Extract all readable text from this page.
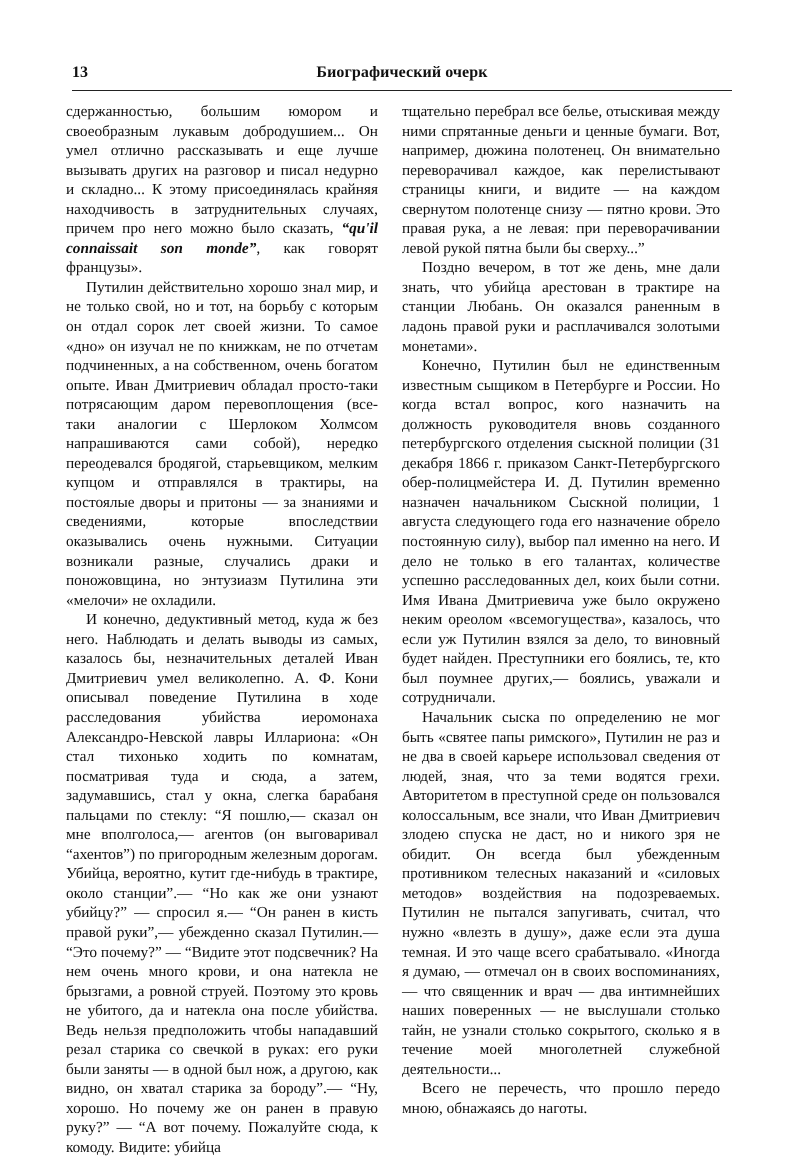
13	Биографический очерк

сдержанностью, большим юмором и своеобразным лукавым добродушием... Он умел отлично рассказывать и еще лучше вызывать других на разговор и писал недурно и складно... К этому присоединялась крайняя находчивость в затруднительных случаях, причем про него можно было сказать, “qu'il connaissait son monde”, как говорят французы».

Путилин действительно хорошо знал мир, и не только свой, но и тот, на борьбу с которым он отдал сорок лет своей жизни. То самое «дно» он изучал не по книжкам, не по отчетам подчиненных, а на собственном, очень богатом опыте. Иван Дмитриевич обладал просто-таки потрясающим даром перевоплощения (все-таки аналогии с Шерлоком Холмсом напрашиваются сами собой), нередко переодевался бродягой, старьевщиком, мелким купцом и отправлялся в трактиры, на постоялые дворы и притоны — за знаниями и сведениями, которые впоследствии оказывались очень нужными. Ситуации возникали разные, случались драки и поножовщина, но энтузиазм Путилина эти «мелочи» не охладили.

И конечно, дедуктивный метод, куда ж без него. Наблюдать и делать выводы из самых, казалось бы, незначительных деталей Иван Дмитриевич умел великолепно. А. Ф. Кони описывал поведение Путилина в ходе расследования убийства иеромонаха Александро-Невской лавры Иллариона: «Он стал тихонько ходить по комнатам, посматривая туда и сюда, а затем, задумавшись, стал у окна, слегка барабаня пальцами по стеклу: “Я пошлю,— сказал он мне вполголоса,— агентов (он выговаривал “ахентов”) по пригородным железным дорогам. Убийца, вероятно, кутит где-нибудь в трактире, около станции”.— “Но как же они узнают убийцу?” — спросил я.— “Он ранен в кисть правой руки”,— убежденно сказал Путилин.— “Это почему?” — “Видите этот подсвечник? На нем очень много крови, и она натекла не брызгами, а ровной струей. Поэтому это кровь не убитого, да и натекла она после убийства. Ведь нельзя предположить чтобы нападавший резал старика со свечкой в руках: его руки были заняты — в одной был нож, а другою, как видно, он хватал старика за бороду”.— “Ну, хорошо. Но почему же он ранен в правую руку?” — “А вот почему. Пожалуйте сюда, к комоду. Видите: убийца

тщательно перебрал все белье, отыскивая между ними спрятанные деньги и ценные бумаги. Вот, например, дюжина полотенец. Он внимательно переворачивал каждое, как перелистывают страницы книги, и видите — на каждом свернутом полотенце снизу — пятно крови. Это правая рука, а не левая: при переворачивании левой рукой пятна были бы сверху...”

Поздно вечером, в тот же день, мне дали знать, что убийца арестован в трактире на станции Любань. Он оказался раненным в ладонь правой руки и расплачивался золотыми монетами».

Конечно, Путилин был не единственным известным сыщиком в Петербурге и России. Но когда встал вопрос, кого назначить на должность руководителя вновь созданного петербургского отделения сыскной полиции (31 декабря 1866 г. приказом Санкт-Петербургского обер-полицмейстера И. Д. Путилин временно назначен начальником Сыскной полиции, 1 августа следующего года его назначение обрело постоянную силу), выбор пал именно на него. И дело не только в его талантах, количестве успешно расследованных дел, коих были сотни. Имя Ивана Дмитриевича уже было окружено неким ореолом «всемогущества», казалось, что если уж Путилин взялся за дело, то виновный будет найден. Преступники его боялись, те, кто был поумнее других,— боялись, уважали и сотрудничали.

Начальник сыска по определению не мог быть «святее папы римского», Путилин не раз и не два в своей карьере использовал сведения от людей, зная, что за теми водятся грехи. Авторитетом в преступной среде он пользовался колоссальным, все знали, что Иван Дмитриевич злодею спуска не даст, но и никого зря не обидит. Он всегда был убежденным противником телесных наказаний и «силовых методов» воздействия на подозреваемых. Путилин не пытался запугивать, считал, что нужно «влезть в душу», даже если эта душа темная. И это чаще всего срабатывало. «Иногда я думаю, — отмечал он в своих воспоминаниях,— что священник и врач — два интимнейших наших поверенных — не выслушали столько тайн, не узнали столько сокрытого, сколько я в течение моей многолетней служебной деятельности...

Всего не перечесть, что прошло передо мною, обнажаясь до наготы.
